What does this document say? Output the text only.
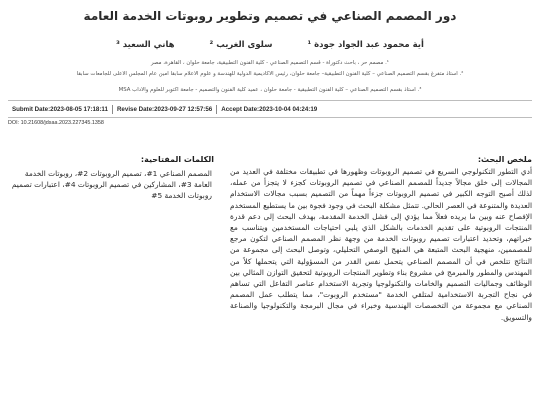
دور المصمم الصناعي في تصميم وتطوير روبوتات الخدمة العامة
أية محمود عبد الجواد جودة ¹ سلوى الغريب ² هاني السعيد ³
¹. مصمم حر ، باحث دكتوراة - قسم التصميم الصناعي - كلية الفنون التطبيقية، جامعة حلوان ، القاهرة، مصر
². أستاذ متفرغ بقسم التصميم الصناعي – كلية الفنون التطبيقية– جامعة حلوان، رئيس الأكاديمية الدولية للهندسة و علوم الاعلام سابقا أمين عام المجلس الأعلى للجامعات سابقا
³. أستاذ بقسم التصميم الصناعي – كلية الفنون التطبيقية - جامعة حلوان ، عميد كلية الفنون والتصميم - جامعة أكتوبر للعلوم والآداب MSA
Submit Date:2023-08-05 17:18:11	Revise Date:2023-09-27 12:57:56	Accept Date:2023-10-04 04:24:19
DOI: 10.21608/jdsaa.2023.227345.1358
ملخص البحث:
أدي التطور التكنولوجي السريع في تصميم الروبوتات وظهورها في تطبيقات مختلفة في العديد من المجالات إلى خلق مجالاً جديداً للمصمم الصناعي في تصميم الروبوتات كجزء لا يتجزأ من عمله، لذلك أصبح التوجه الكبير في تصميم الروبوتات جزءاً مهماً من التصميم بسبب مجالات الاستخدام العديدة والمتنوعة في العصر الحالي. تتمثل مشكلة البحث في وجود فجوة بين ما يستطيع المستخدم الإفصاح عنه وبين ما يريده فعلاً مما يؤدي إلى فشل الخدمة المقدمة، بهدف البحث إلى دعم قدرة المنتجات الروبوتية على تقديم الخدمات بالشكل الذي يلبي احتياجات المستخدمين ويتناسب مع خبراتهم، وتحديد اعتبارات تصميم روبوتات الخدمة من وجهة نظر المصمم الصناعي لتكون مرجع للمصممين، منهجية البحث المتبعة هي المنهج الوصفي التحليلي، وتوصل البحث إلى مجموعة من النتائج تتلخص في أن المصمم الصناعي يتحمل نفس القدر من المسؤولية التي يتحملها كلاً من المهندس والمطور والمبرمج في مشروع بناء وتطوير المنتجات الروبوتية لتحقيق التوازن المثالي بين الوظائف وجماليات التصميم والخامات والتكنولوجيا وتجربة الاستخدام عناصر التفاعل التي تساهم في نجاح التجربة الاستخدامية لمتلقي الخدمة "مستخدم الروبوت"، مما يتطلب عمل المصمم الصناعي مع مجموعة من التخصصات الهندسية وخبراء في مجال البرمجة والتكنولوجيا والصناعة والتسويق.
الكلمات المفتاحية:
المصمم الصناعي 1#، تصميم الروبوتات 2#، روبوتات الخدمة العامة 3#، المشاركين في تصميم الروبوتات 4#، اعتبارات تصميم روبوتات الخدمة 5#
